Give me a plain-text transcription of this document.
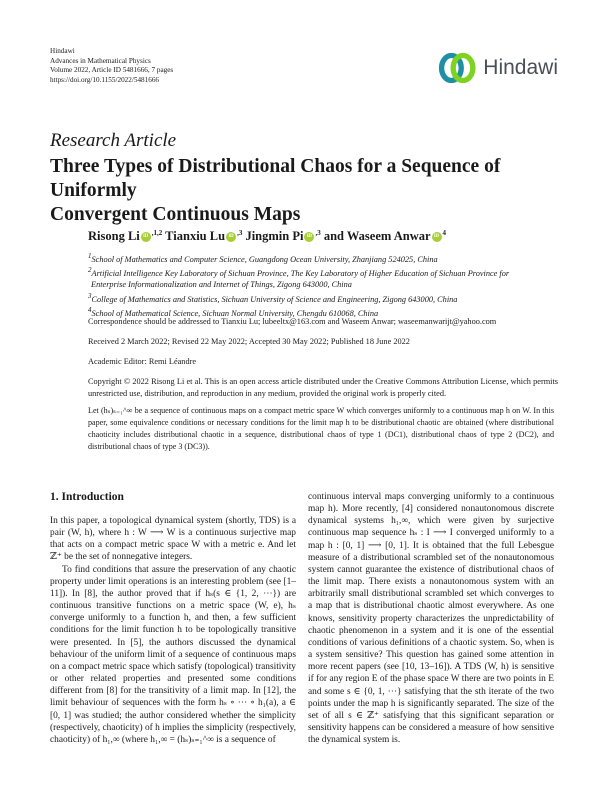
Hindawi
Advances in Mathematical Physics
Volume 2022, Article ID 5481666, 7 pages
https://doi.org/10.1155/2022/5481666
Hindawi
Research Article
Three Types of Distributional Chaos for a Sequence of Uniformly
Convergent Continuous Maps
Risong Li iD $^{,1,2}$ Tianxiu Lu iD $^{,3}$ Jingmin Pi iD $^{,3}$ and Waseem Anwar iD $^4$
$^1$School of Mathematics and Computer Science, Guangdong Ocean University, Zhanjiang 524025, China
$^2$Artificial Intelligence Key Laboratory of Sichuan Province, The Key Laboratory of Higher Education of Sichuan Province for
Enterprise Informationalization and Internet of Things, Zigong 643000, China
$^3$College of Mathematics and Statistics, Sichuan University of Science and Engineering, Zigong 643000, China
$^4$School of Mathematical Science, Sichuan Normal University, Chengdu 610068, China
Correspondence should be addressed to Tianxiu Lu; lubeeltx@163.com and Waseem Anwar; waseemanwarijt@yahoo.com
Received 2 March 2022; Revised 22 May 2022; Accepted 30 May 2022; Published 18 June 2022
Academic Editor: Remi Léandre
Copyright © 2022 Risong Li et al. This is an open access article distributed under the Creative Commons Attribution License, which permits unrestricted use, distribution, and reproduction in any medium, provided the original work is properly cited.
Let (hₛ)ₛ₌₁^∞ be a sequence of continuous maps on a compact metric space W which converges uniformly to a continuous map h on W. In this paper, some equivalence conditions or necessary conditions for the limit map h to be distributional chaotic are obtained (where distributional chaoticity includes distributional chaotic in a sequence, distributional chaos of type 1 (DC1), distributional chaos of type 2 (DC2), and distributional chaos of type 3 (DC3)).
1. Introduction

In this paper, a topological dynamical system (shortly, TDS) is a pair (W, h), where h : W ⟶ W is a continuous surjective map that acts on a compact metric space W with a metric e. And let ℤ⁺ be the set of nonnegative integers.

To find conditions that assure the preservation of any chaotic property under limit operations is an interesting problem (see [1–11]). In [8], the author proved that if hₛ(s ∈ {1, 2, ⋯}) are continuous transitive functions on a metric space (W, e), hₛ converge uniformly to a function h, and then, a few sufficient conditions for the limit function h to be topologically transitive were presented. In [5], the authors discussed the dynamical behaviour of the uniform limit of a sequence of continuous maps on a compact metric space which satisfy (topological) transitivity or other related properties and presented some conditions different from [8] for the transitivity of a limit map. In [12], the limit behaviour of sequences with the form hₛ ∘ ⋯ ∘ h₁(a), a ∈ [0, 1] was studied; the author considered whether the simplicity (respectively, chaoticity) of h implies the simplicity (respectively, chaoticity) of h₁,∞ (where h₁,∞ = (hₛ)ₛ₌₁^∞ is a sequence of

continuous interval maps converging uniformly to a continuous map h). More recently, [4] considered nonautonomous discrete dynamical systems h₁,∞, which were given by surjective continuous map sequence hₛ : I ⟶ I converged uniformly to a map h : [0, 1] ⟶ [0, 1]. It is obtained that the full Lebesgue measure of a distributional scrambled set of the nonautonomous system cannot guarantee the existence of distributional chaos of the limit map. There exists a nonautonomous system with an arbitrarily small distributional scrambled set which converges to a map that is distributional chaotic almost everywhere. As one knows, sensitivity property characterizes the unpredictability of chaotic phenomenon in a system and it is one of the essential conditions of various definitions of a chaotic system. So, when is a system sensitive? This question has gained some attention in more recent papers (see [10, 13–16]). A TDS (W, h) is sensitive if for any region E of the phase space W there are two points in E and some s ∈ {0, 1, ⋯} satisfying that the sth iterate of the two points under the map h is significantly separated. The size of the set of all s ∈ ℤ⁺ satisfying that this significant separation or sensitivity happens can be considered a measure of how sensitive the dynamical system is.
